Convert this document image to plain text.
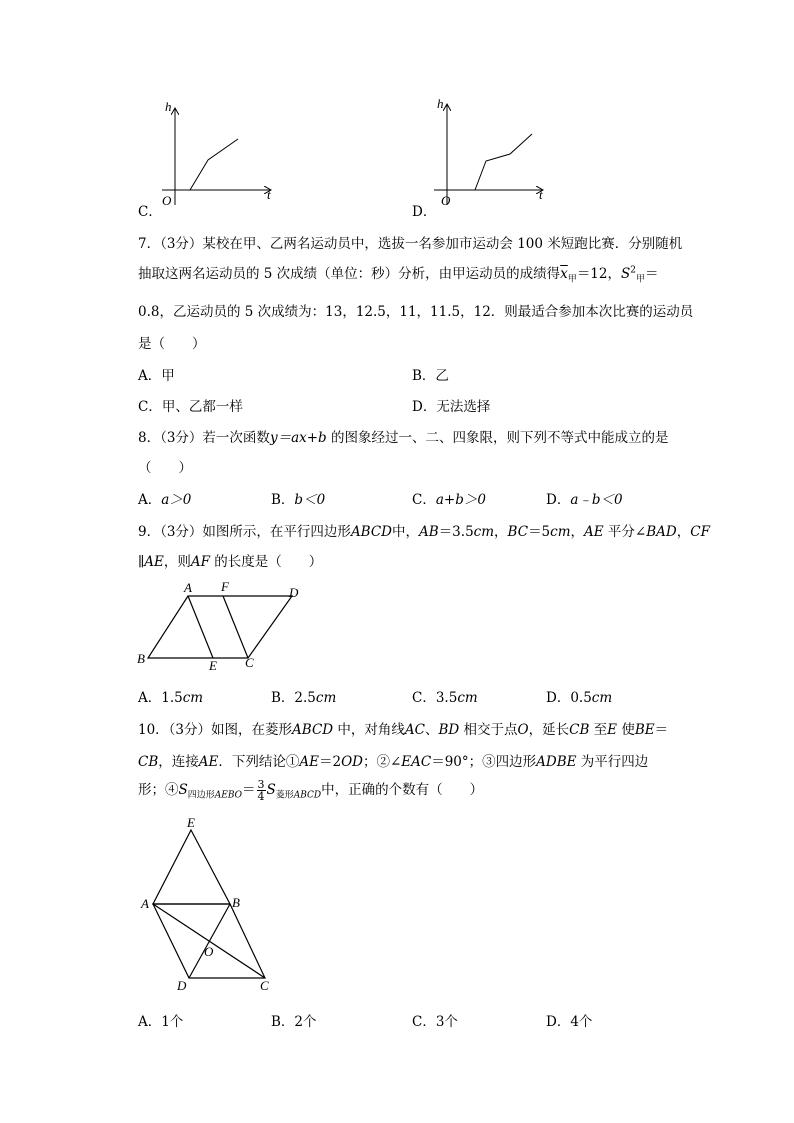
h
t
O
C．
h
t
O
D．
7．（3分）某校在甲、乙两名运动员中，选拔一名参加市运动会 100 米短跑比赛．分别随机
抽取这两名运动员的 5 次成绩（单位：秒）分析，由甲运动员的成绩得$\overline{x}_甲=12$，$S^2_甲=$
0.8，乙运动员的 5 次成绩为：13，12.5，11，11.5，12．则最适合参加本次比赛的运动员
是（　　）
A．甲	B．乙
C．甲、乙都一样	D．无法选择
8．（3分）若一次函数y＝ax+b 的图象经过一、二、四象限，则下列不等式中能成立的是
（　　）
A．a＞0	B．b＜0	C．a+b＞0	D．a﹣b＜0
9．（3分）如图所示，在平行四边形ABCD中，AB＝3.5cm，BC＝5cm，AE 平分∠BAD，CF
∥AE，则AF 的长度是（　　）
A F	D
B	E C
A．1.5cm	B．2.5cm	C．3.5cm	D．0.5cm
10．（3分）如图，在菱形ABCD 中，对角线AC、BD 相交于点O，延长CB 至E 使BE＝
CB，连接AE．下列结论①AE＝2OD；②∠EAC＝90°；③四边形ADBE 为平行四边
形；$④S_{四边形AEBO}= \frac{3}{4} S_{菱形ABCD}$中，正确的个数有（　　）
E
A	B
O
D	C
A．1个	B．2个	C．3个	D．4个
